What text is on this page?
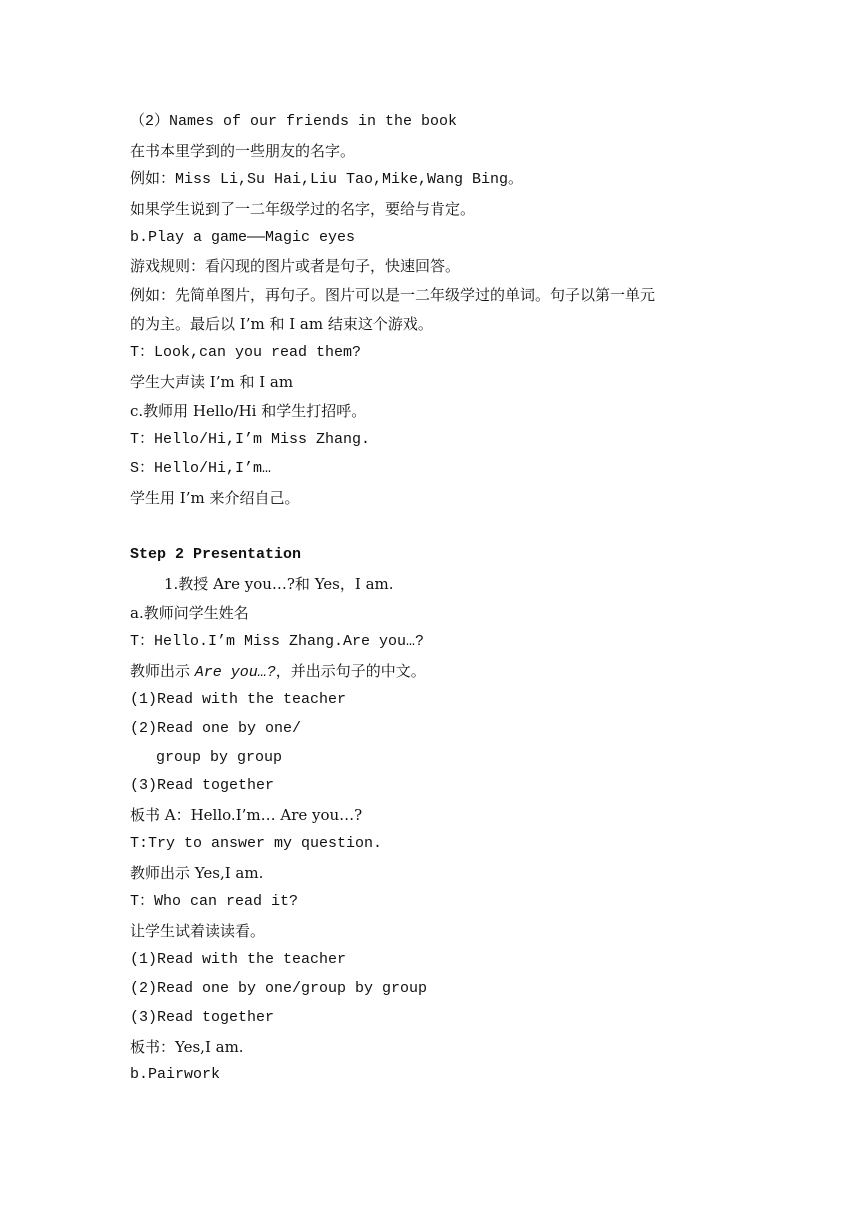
（2）Names of our friends in the book
在书本里学到的一些朋友的名字。
例如：Miss Li,Su Hai,Liu Tao,Mike,Wang Bing。
如果学生说到了一二年级学过的名字，要给与肯定。
b.Play a game——Magic eyes
游戏规则：看闪现的图片或者是句子，快速回答。
例如：先简单图片，再句子。图片可以是一二年级学过的单词。句子以第一单元
的为主。最后以 I’m 和 I am 结束这个游戏。
T：Look,can you read them?
学生大声读 I’m 和 I am
c.教师用 Hello/Hi 和学生打招呼。
T：Hello/Hi,I’m Miss Zhang.
S：Hello/Hi,I’m…
学生用 I’m 来介绍自己。
Step 2 Presentation
1.教授 Are you…?和 Yes，I am.
a.教师问学生姓名
T：Hello.I’m Miss Zhang.Are you…?
教师出示 Are you…?，并出示句子的中文。
(1)Read with the teacher
(2)Read one by one/
group by group
(3)Read together
板书 A：Hello.I’m… Are you…?
T:Try to answer my question.
教师出示 Yes,I am.
T：Who can read it?
让学生试着读读看。
(1)Read with the teacher
(2)Read one by one/group by group
(3)Read together
板书：Yes,I am.
b.Pairwork
